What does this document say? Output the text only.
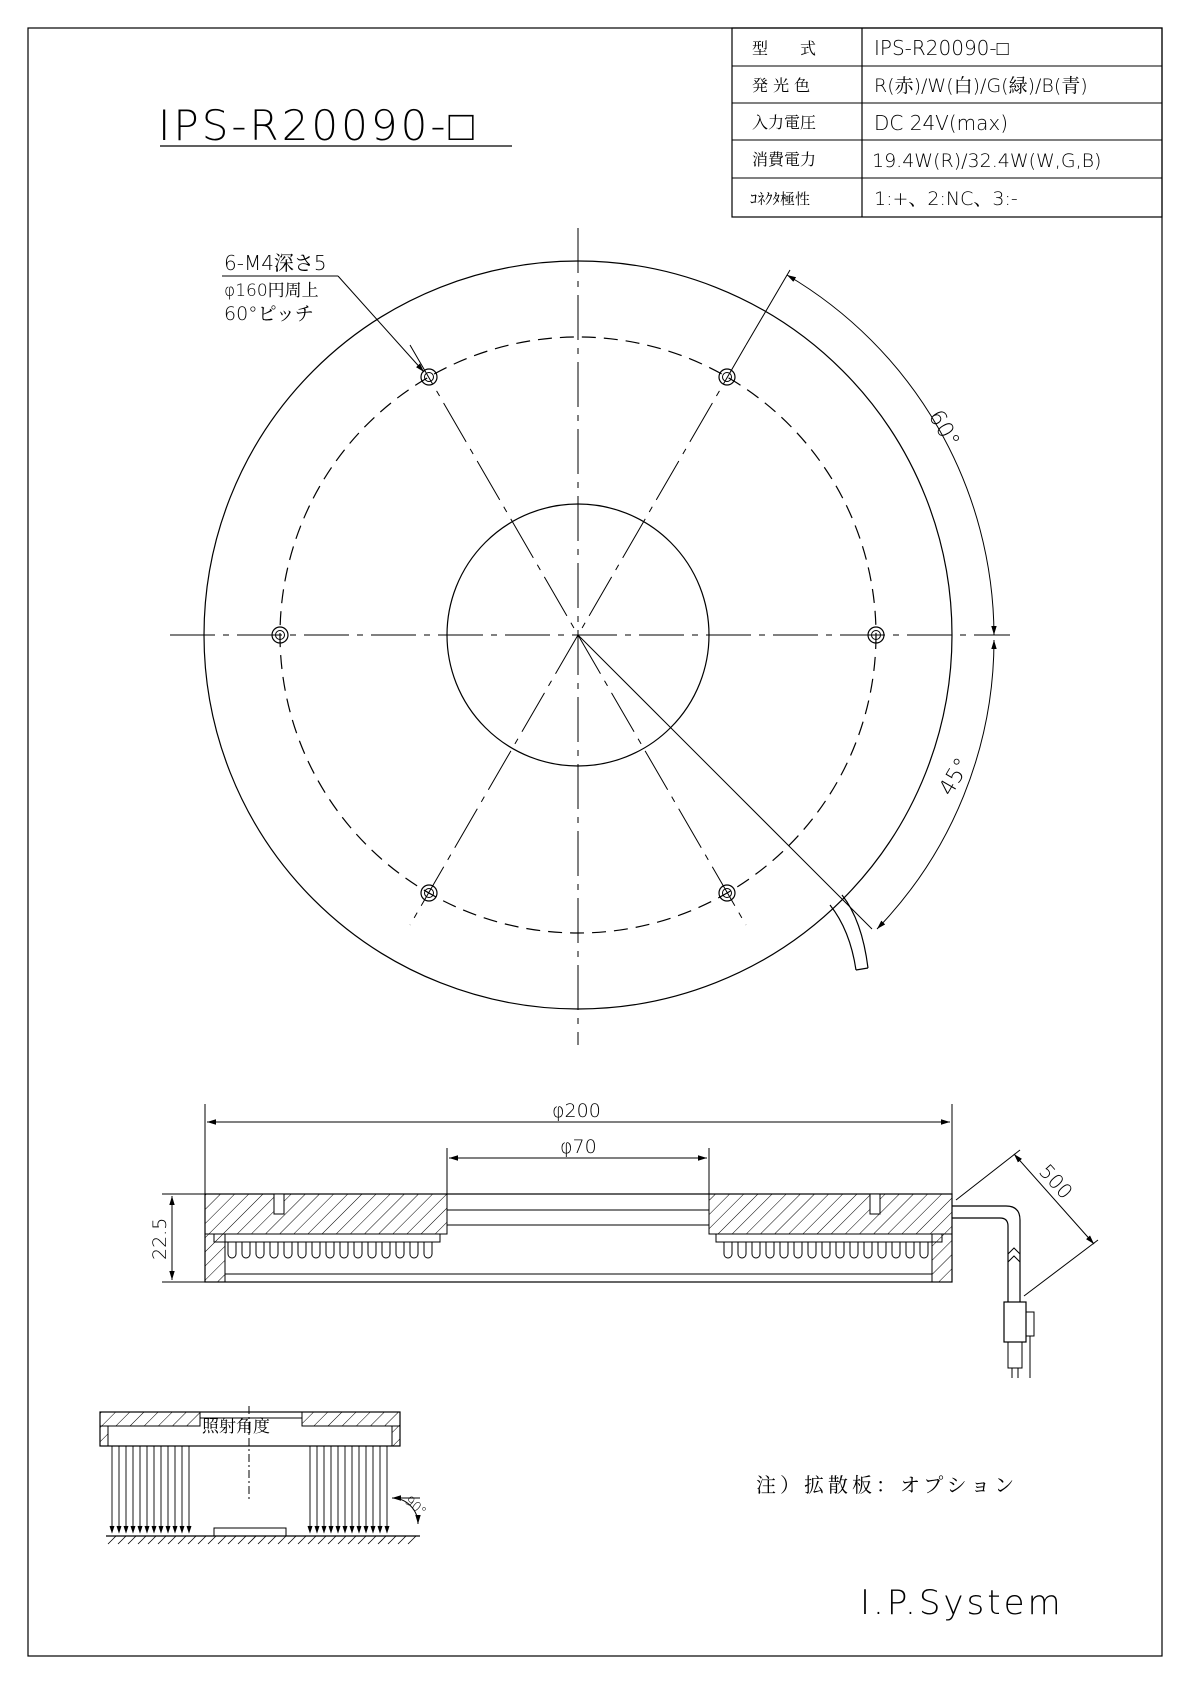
IPS-R20090-□
型　　式	IPS-R20090-□
発 光 色	R(赤)/W(白)/G(緑)/B(青)
入力電圧	DC 24V(max)
消費電力	19.4W(R)/32.4W(W,G,B)
ｺﾈｸﾀ極性	1:+、2:NC、3:-
60°
45°
6-M4深さ5
φ160円周上
60°ピッチ
φ200
φ70
22.5
500
照射角度
90°
注）拡散板：オプション
I.P.System
